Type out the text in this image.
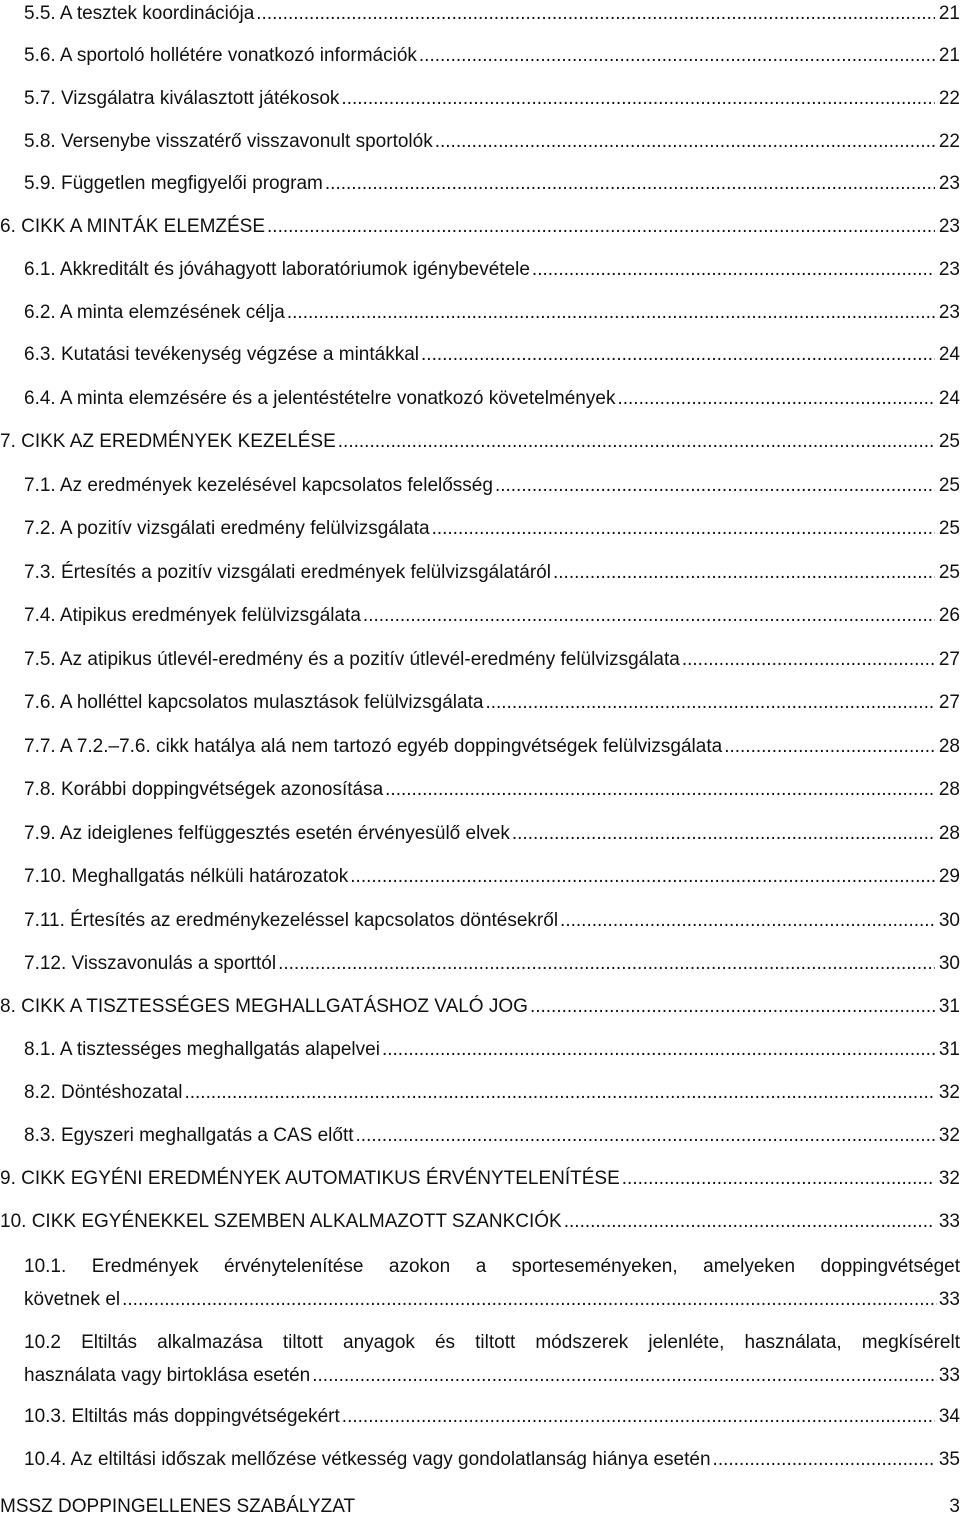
5.5. A tesztek koordinációja .....	21
5.6. A sportoló hollétére vonatkozó információk .....	21
5.7. Vizsgálatra kiválasztott játékosok .....	22
5.8. Versenybe visszatérő visszavonult sportolók .....	22
5.9. Független megfigyelői program .....	23
6. CIKK A MINTÁK ELEMZÉSE .....	23
6.1. Akkreditált és jóváhagyott laboratóriumok igénybevétele .....	23
6.2. A minta elemzésének célja .....	23
6.3. Kutatási tevékenység végzése a mintákkal .....	24
6.4. A minta elemzésére és a jelentéstételre vonatkozó követelmények .....	24
7. CIKK AZ EREDMÉNYEK KEZELÉSE .....	25
7.1. Az eredmények kezelésével kapcsolatos felelősség .....	25
7.2. A pozitív vizsgálati eredmény felülvizsgálata .....	25
7.3. Értesítés a pozitív vizsgálati eredmények felülvizsgálatáról .....	25
7.4. Atipikus eredmények felülvizsgálata .....	26
7.5. Az atipikus útlevél-eredmény és a pozitív útlevél-eredmény felülvizsgálata .....	27
7.6. A holléttel kapcsolatos mulasztások felülvizsgálata .....	27
7.7. A 7.2.–7.6. cikk hatálya alá nem tartozó egyéb doppingvétségek felülvizsgálata .....	28
7.8. Korábbi doppingvétségek azonosítása .....	28
7.9. Az ideiglenes felfüggesztés esetén érvényesülő elvek .....	28
7.10. Meghallgatás nélküli határozatok .....	29
7.11. Értesítés az eredménykezeléssel kapcsolatos döntésekről .....	30
7.12. Visszavonulás a sporttól .....	30
8. CIKK A TISZTESSÉGES MEGHALLGATÁSHOZ VALÓ JOG .....	31
8.1. A tisztességes meghallgatás alapelvei .....	31
8.2. Döntéshozatal .....	32
8.3. Egyszeri meghallgatás a CAS előtt .....	32
9. CIKK EGYÉNI EREDMÉNYEK AUTOMATIKUS ÉRVÉNYTELENÍTÉSE .....	32
10. CIKK EGYÉNEKKEL SZEMBEN ALKALMAZOTT SZANKCIÓK .....	33
10.1. Eredmények érvénytelenítése azokon a sporteseményeken, amelyeken doppingvétséget
követnek el .....	33
10.2 Eltiltás alkalmazása tiltott anyagok és tiltott módszerek jelenléte, használata, megkísérelt
használata vagy birtoklása esetén .....	33
10.3. Eltiltás más doppingvétségekért .....	34
10.4. Az eltiltási időszak mellőzése vétkesség vagy gondolatlanság hiánya esetén .....	35
MSSZ DOPPINGELLENES SZABÁLYZAT	3
